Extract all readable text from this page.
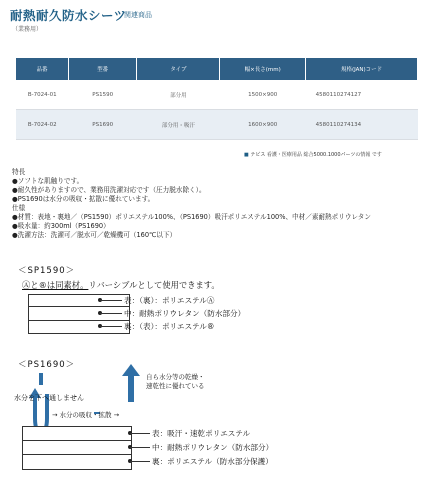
耐熱耐久防水シーツ
関連商品
（業務用）
品番	型番	タイプ	幅×長さ(mm)	規格(JAN)コード
B-7024-01	PS1590	部分用	1500×900	4580110274127
B-7024-02	PS1690	部分用・吸汗	1600×900	4580110274134
■ テピス 看護・医療用品 総合5000.1000パーツの情報 です
特長
●ソフトな肌触りです。
●耐久性がありますので、業務用洗濯対応です（圧力脱水除く）。
●PS1690は水分の吸収・拡散に優れています。
仕様
●材質：表地・裏地／（PS1590）ポリエステル100%、（PS1690）吸汗ポリエステル100%、中材／素耐熱ポリウレタン
●吸水量：約300ml（PS1690）
●洗濯方法：洗濯可／脱水可／乾燥機可（160℃以下）
＜SP1590＞
Ⓐと®は同素材。リバーシブルとして使用できます。
表：（裏）：ポリエステルⒶ
中：耐熱ポリウレタン（防水部分）
裏：（表）：ポリエステル®
＜PS1690＞
水分を下へ通しません
→ 水分の吸収・拡散 →
自ら水分等の乾燥・
速乾性に優れている
表：吸汗・速乾ポリエステル
中：耐熱ポリウレタン（防水部分）
裏：ポリエステル（防水部分保護）
